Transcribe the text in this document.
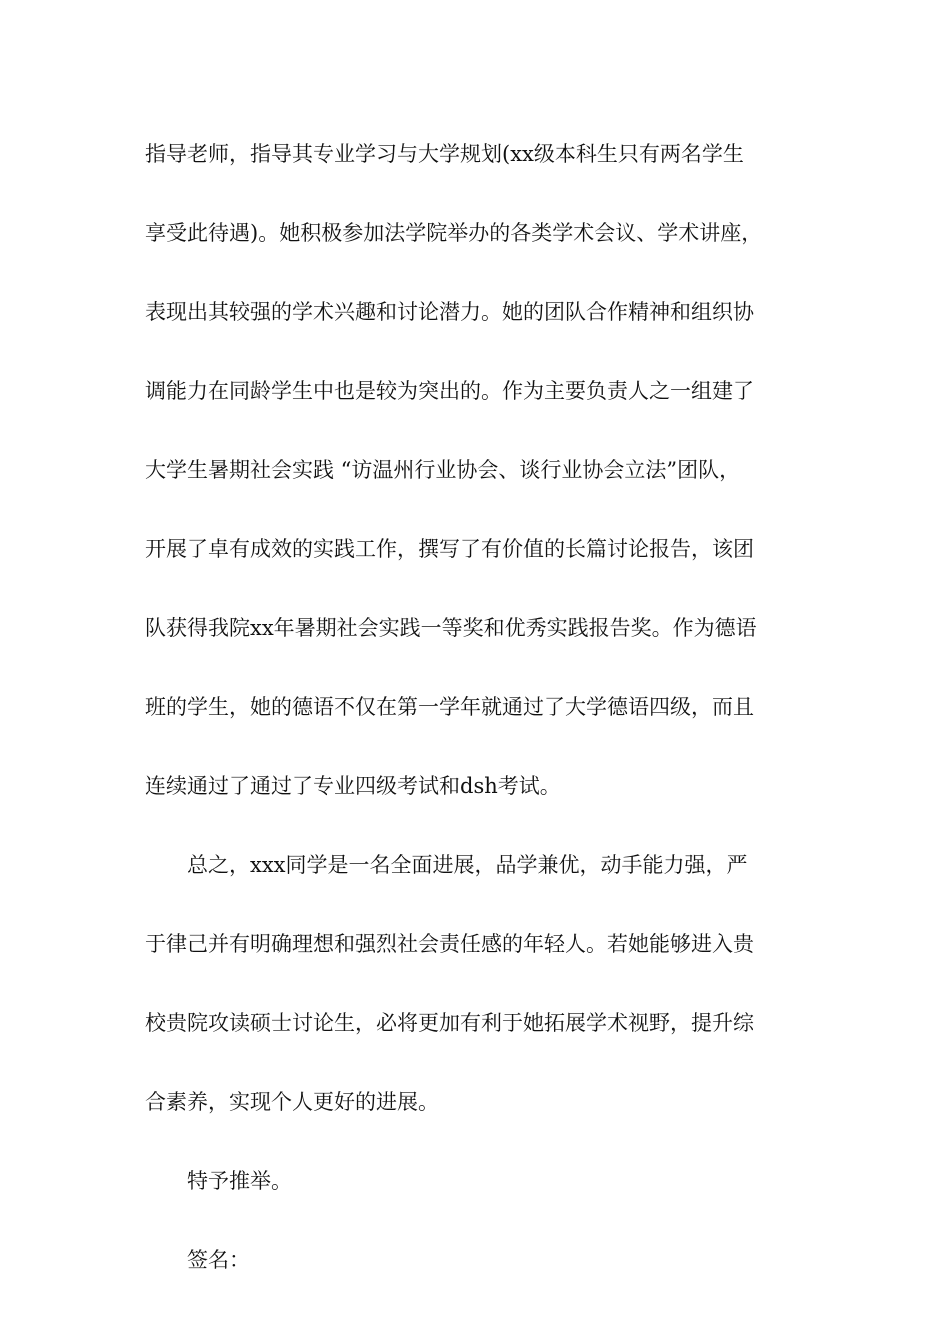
指导老师，指导其专业学习与大学规划(xx级本科生只有两名学生
享受此待遇)。她积极参加法学院举办的各类学术会议、学术讲座，
表现出其较强的学术兴趣和讨论潜力。她的团队合作精神和组织协
调能力在同龄学生中也是较为突出的。作为主要负责人之一组建了
大学生暑期社会实践 “访温州行业协会、谈行业协会立法”团队，
开展了卓有成效的实践工作，撰写了有价值的长篇讨论报告，该团
队获得我院xx年暑期社会实践一等奖和优秀实践报告奖。作为德语
班的学生，她的德语不仅在第一学年就通过了大学德语四级，而且
连续通过了通过了专业四级考试和dsh考试。
总之，xxx同学是一名全面进展，品学兼优，动手能力强，严
于律己并有明确理想和强烈社会责任感的年轻人。若她能够进入贵
校贵院攻读硕士讨论生，必将更加有利于她拓展学术视野，提升综
合素养，实现个人更好的进展。
特予推举。
签名：
